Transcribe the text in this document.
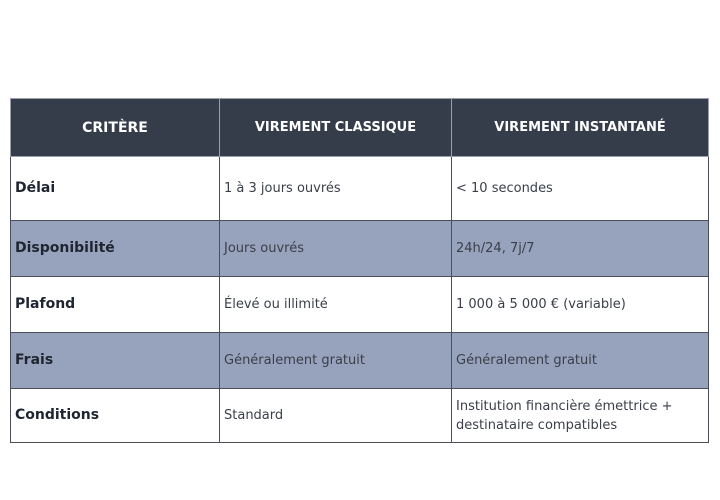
CRITÈRE	VIREMENT CLASSIQUE	VIREMENT INSTANTANÉ
Délai	1 à 3 jours ouvrés	< 10 secondes
Disponibilité	Jours ouvrés	24h/24, 7j/7
Plafond	Élevé ou illimité	1 000 à 5 000 € (variable)
Frais	Généralement gratuit	Généralement gratuit
Conditions	Standard	Institution financière émettrice + destinataire compatibles
